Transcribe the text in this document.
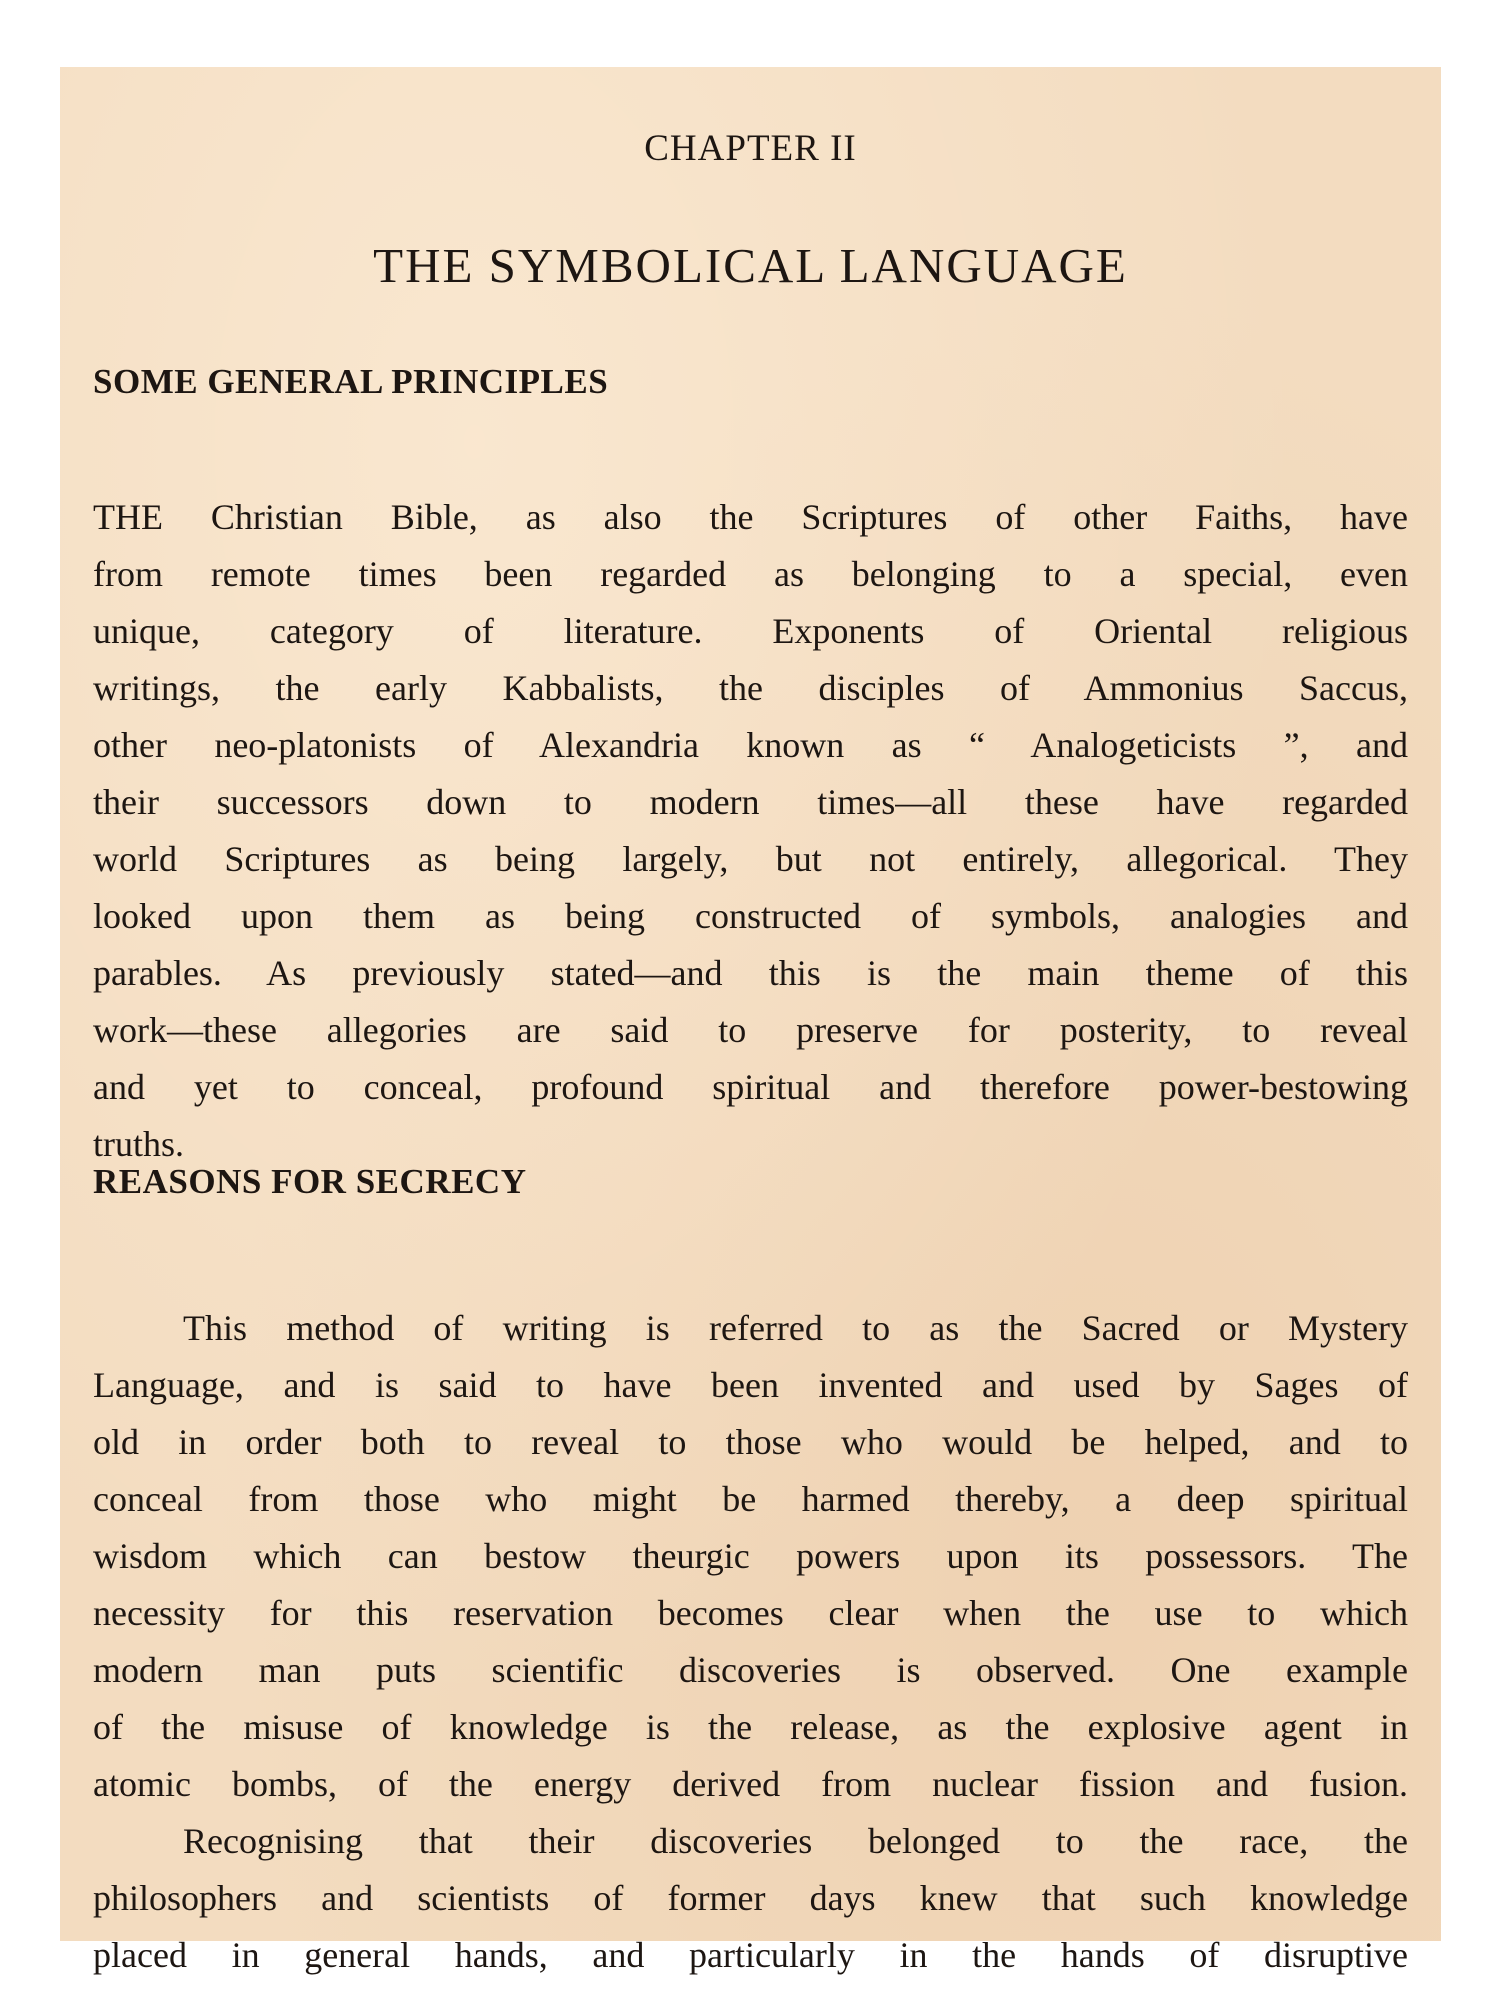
CHAPTER II
THE SYMBOLICAL LANGUAGE
SOME GENERAL PRINCIPLES

THE Christian Bible, as also the Scriptures of other Faiths, have
from remote times been regarded as belonging to a special, even
unique, category of literature. Exponents of Oriental religious
writings, the early Kabbalists, the disciples of Ammonius Saccus,
other neo-platonists of Alexandria known as “ Analogeticists ”, and
their successors down to modern times—all these have regarded
world Scriptures as being largely, but not entirely, allegorical. They
looked upon them as being constructed of symbols, analogies and
parables. As previously stated—and this is the main theme of this
work—these allegories are said to preserve for posterity, to reveal
and yet to conceal, profound spiritual and therefore power-bestowing
truths.

REASONS FOR SECRECY

This method of writing is referred to as the Sacred or Mystery
Language, and is said to have been invented and used by Sages of
old in order both to reveal to those who would be helped, and to
conceal from those who might be harmed thereby, a deep spiritual
wisdom which can bestow theurgic powers upon its possessors. The
necessity for this reservation becomes clear when the use to which
modern man puts scientific discoveries is observed. One example
of the misuse of knowledge is the release, as the explosive agent in
atomic bombs, of the energy derived from nuclear fission and fusion.

Recognising that their discoveries belonged to the race, the
philosophers and scientists of former days knew that such knowledge
placed in general hands, and particularly in the hands of disruptive
